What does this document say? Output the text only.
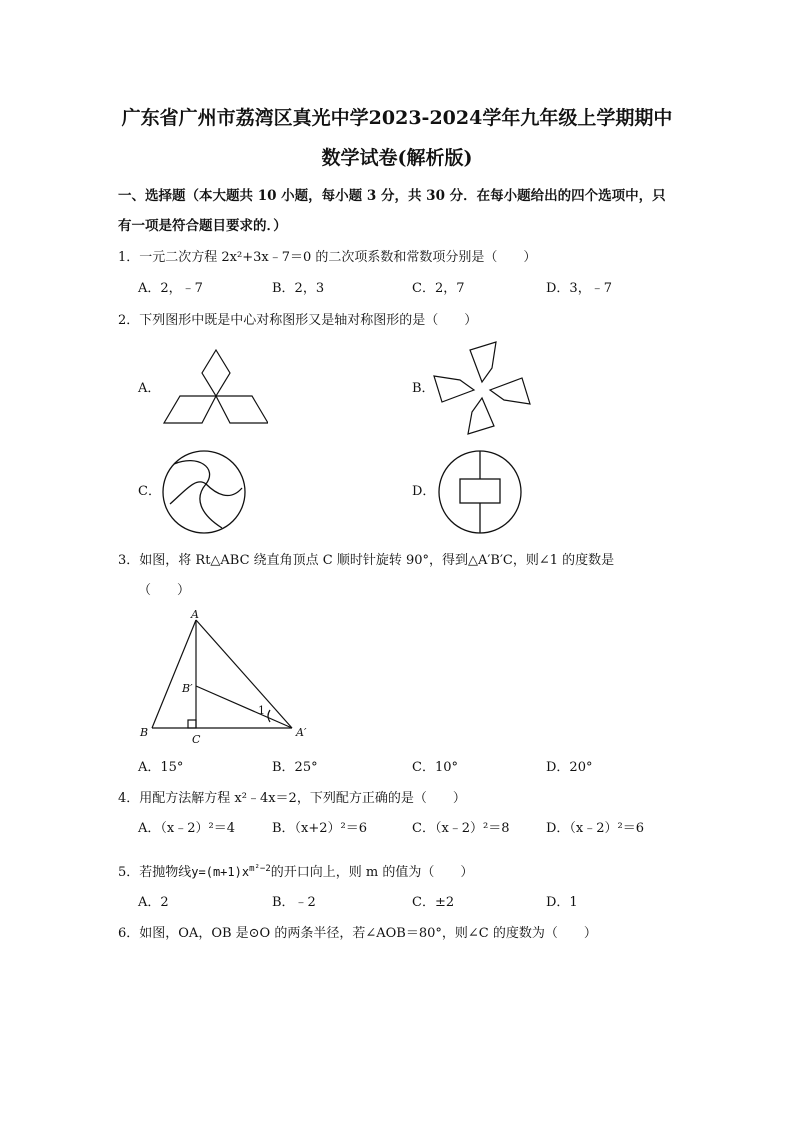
广东省广州市荔湾区真光中学2023-2024学年九年级上学期期中
数学试卷(解析版)
一、选择题（本大题共 10 小题，每小题 3 分，共 30 分．在每小题给出的四个选项中，只
有一项是符合题目要求的．）
1．一元二次方程 2x²+3x﹣7＝0 的二次项系数和常数项分别是（　　）
A．2，﹣7	B．2，3	C．2，7	D．3，﹣7
2．下列图形中既是中心对称图形又是轴对称图形的是（　　）
A．	B．
C．	D．
3．如图，将 Rt△ABC 绕直角顶点 C 顺时针旋转 90°，得到△A′B′C，则∠1 的度数是
（　　）
A
B′
1
B
C
A′
A．15°	B．25°	C．10°	D．20°
4．用配方法解方程 x²﹣4x＝2，下列配方正确的是（　　）
A．（x﹣2）²＝4	B．（x+2）²＝6	C．（x﹣2）²＝8	D．（x﹣2）²＝6
5．若抛物线$y=(m+1)x^{m^2-2}$的开口向上，则 m 的值为（　　）
A．2	B．﹣2	C．±2	D．1
6．如图，OA，OB 是⊙O 的两条半径，若∠AOB＝80°，则∠C 的度数为（　　）
